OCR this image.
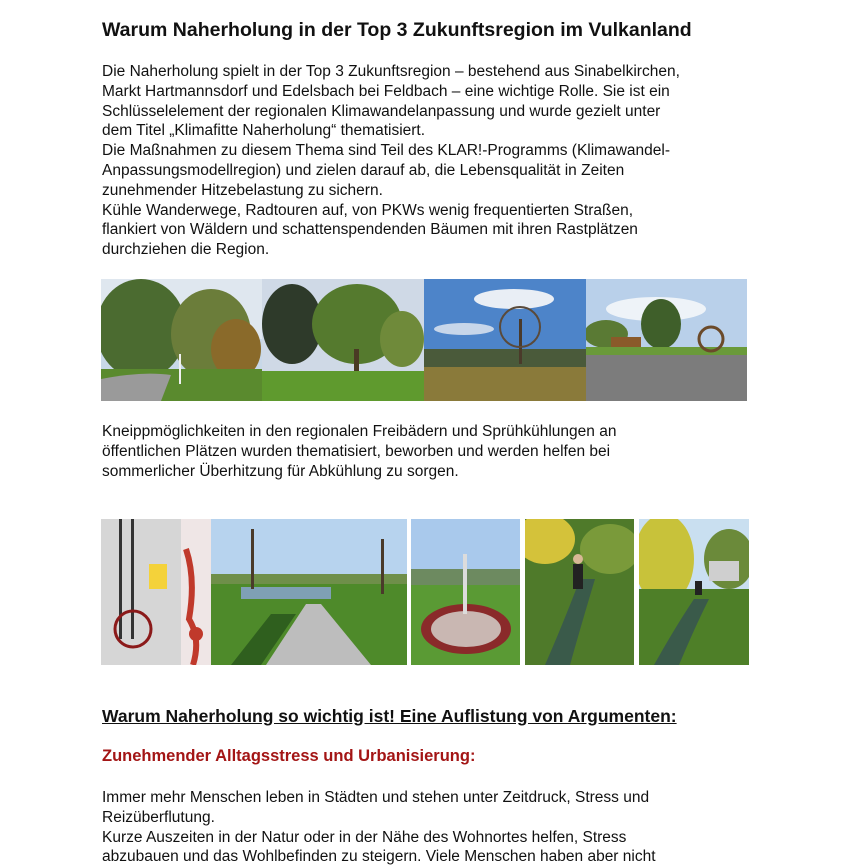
Warum Naherholung in der Top 3 Zukunftsregion im Vulkanland
Die Naherholung spielt in der Top 3 Zukunftsregion – bestehend aus Sinabelkirchen,
Markt Hartmannsdorf und Edelsbach bei Feldbach – eine wichtige Rolle. Sie ist ein
Schlüsselelement der regionalen Klimawandelanpassung und wurde gezielt unter
dem Titel „Klimafitte Naherholung“ thematisiert.
Die Maßnahmen zu diesem Thema sind Teil des KLAR!-Programms (Klimawandel-
Anpassungsmodellregion) und zielen darauf ab, die Lebensqualität in Zeiten
zunehmender Hitzebelastung zu sichern.
Kühle Wanderwege, Radtouren auf, von PKWs wenig frequentierten Straßen,
flankiert von Wäldern und schattenspendenden Bäumen mit ihren Rastplätzen
durchziehen die Region.
Kneippmöglichkeiten in den regionalen Freibädern und Sprühkühlungen an
öffentlichen Plätzen wurden thematisiert, beworben und werden helfen bei
sommerlicher Überhitzung für Abkühlung zu sorgen.
Warum Naherholung so wichtig ist! Eine Auflistung von Argumenten:
Zunehmender Alltagsstress und Urbanisierung:
Immer mehr Menschen leben in Städten und stehen unter Zeitdruck, Stress und
Reizüberflutung.
Kurze Auszeiten in der Natur oder in der Nähe des Wohnortes helfen, Stress
abzubauen und das Wohlbefinden zu steigern. Viele Menschen haben aber nicht
